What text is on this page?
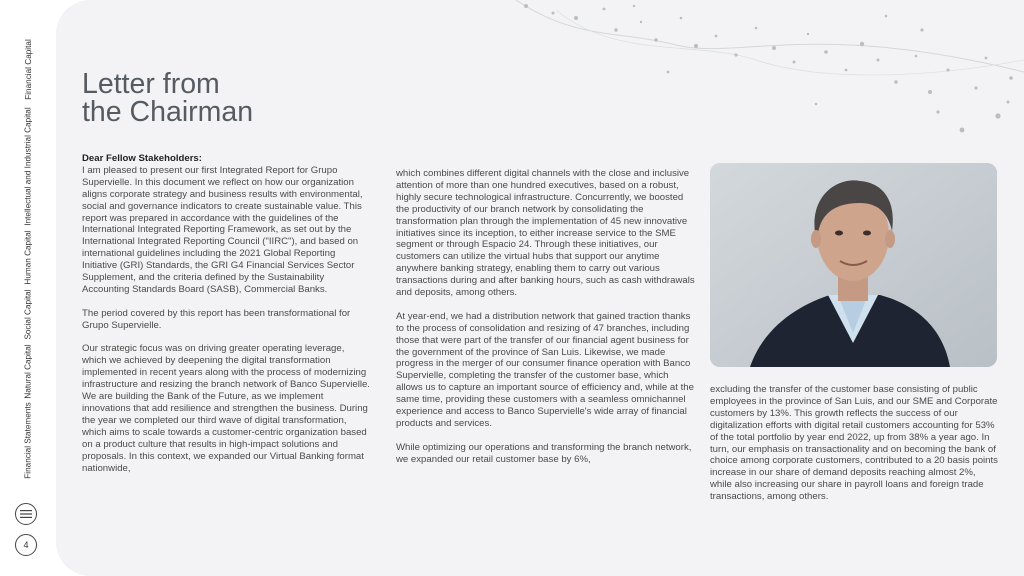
Financial Capital
Intellectual and Industrial Capital
Human Capital
Social Capital
Natural Capital
Financial Statements
4
Letter from
the Chairman
Dear Fellow Stakeholders:

I am pleased to present our first Integrated Report for Grupo Supervielle. In this document we reflect on how our organization aligns corporate strategy and business results with environmental, social and governance indicators to create sustainable value. This report was prepared in accordance with the guidelines of the International Integrated Reporting Framework, as set out by the International Integrated Reporting Council ("IIRC"), and based on international guidelines including the 2021 Global Reporting Initiative (GRI) Standards, the GRI G4 Financial Services Sector Supplement, and the criteria defined by the Sustainability Accounting Standards Board (SASB), Commercial Banks.

The period covered by this report has been transformational for Grupo Supervielle.

Our strategic focus was on driving greater operating leverage, which we achieved by deepening the digital transformation implemented in recent years along with the process of modernizing infrastructure and resizing the branch network of Banco Supervielle. We are building the Bank of the Future, as we implement innovations that add resilience and strengthen the business. During the year we completed our third wave of digital transformation, which aims to scale towards a customer-centric organization based on a product culture that results in high-impact solutions and proposals. In this context, we expanded our Virtual Banking format nationwide,

which combines different digital channels with the close and inclusive attention of more than one hundred executives, based on a robust, highly secure technological infrastructure. Concurrently, we boosted the productivity of our branch network by consolidating the transformation plan through the implementation of 45 new innovative initiatives since its inception, to either increase service to the SME segment or through Espacio 24. Through these initiatives, our customers can utilize the virtual hubs that support our anytime anywhere banking strategy, enabling them to carry out various transactions during and after banking hours, such as cash withdrawals and deposits, among others.

At year-end, we had a distribution network that gained traction thanks to the process of consolidation and resizing of 47 branches, including those that were part of the transfer of our financial agent business for the government of the province of San Luis. Likewise, we made progress in the merger of our consumer finance operation with Banco Supervielle, completing the transfer of the customer base, which allows us to capture an important source of efficiency and, while at the same time, providing these customers with a seamless omnichannel experience and access to Banco Supervielle's wide array of financial products and services.

While optimizing our operations and transforming the branch network, we expanded our retail customer base by 6%,

excluding the transfer of the customer base consisting of public employees in the province of San Luis, and our SME and Corporate customers by 13%. This growth reflects the success of our digitalization efforts with digital retail customers accounting for 53% of the total portfolio by year end 2022, up from 38% a year ago. In turn, our emphasis on transactionality and on becoming the bank of choice among corporate customers, contributed to a 20 basis points increase in our share of demand deposits reaching almost 2%, while also increasing our share in payroll loans and foreign trade transactions, among others.
